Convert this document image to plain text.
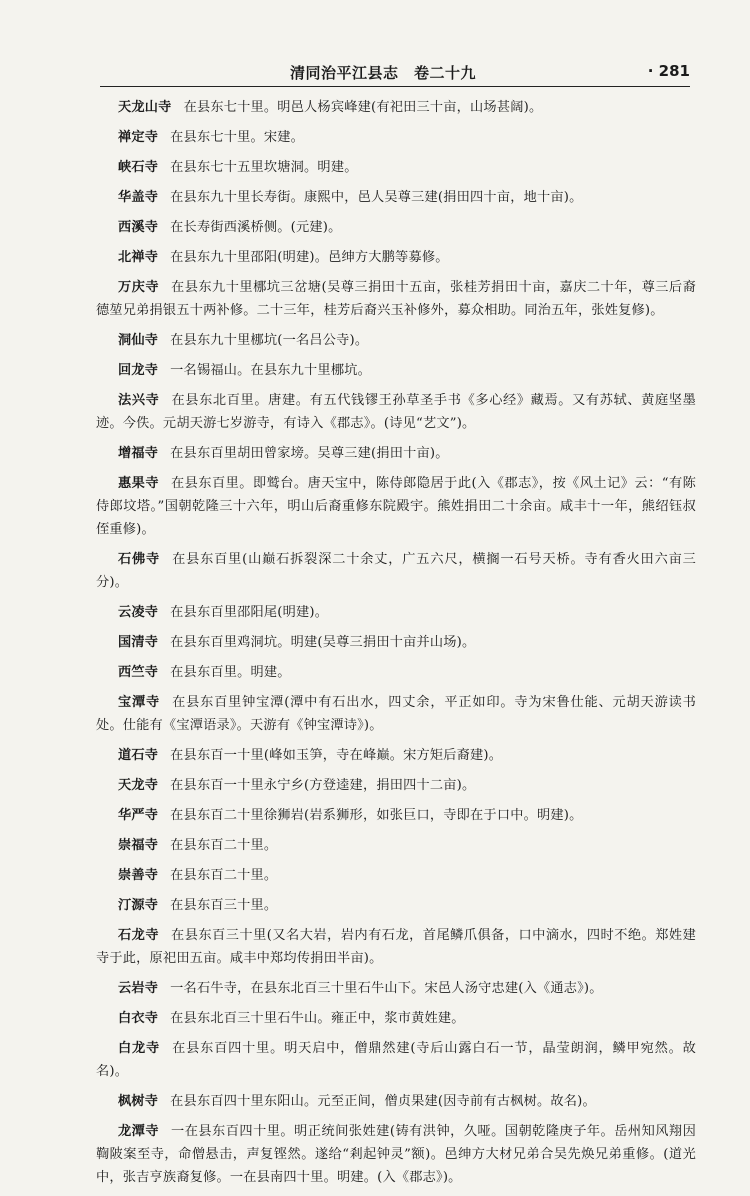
清同治平江县志　卷二十九	· 281

天龙山寺 在县东七十里。明邑人杨宾峰建(有祀田三十亩，山场甚阔)。

禅定寺 在县东七十里。宋建。

峡石寺 在县东七十五里坎塘洞。明建。

华盖寺 在县东九十里长寿街。康熙中，邑人吴尊三建(捐田四十亩，地十亩)。

西溪寺 在长寿街西溪桥侧。(元建)。

北禅寺 在县东九十里邵阳(明建)。邑绅方大鹏等募修。

万庆寺 在县东九十里梛坑三岔塘(吴尊三捐田十五亩，张桂芳捐田十亩，嘉庆二十年，尊三后裔德堃兄弟捐银五十两补修。二十三年，桂芳后裔兴玉补修外，募众相助。同治五年，张姓复修)。

洞仙寺 在县东九十里梛坑(一名吕公寺)。

回龙寺 一名锡福山。在县东九十里梛坑。

法兴寺 在县东北百里。唐建。有五代钱镠王孙草圣手书《多心经》藏焉。又有苏轼、黄庭坚墨迹。今佚。元胡天游七岁游寺，有诗入《郡志》。(诗见“艺文”)。

增福寺 在县东百里胡田曾家塝。吴尊三建(捐田十亩)。

惠果寺 在县东百里。即鹫台。唐天宝中，陈侍郎隐居于此(入《郡志》，按《风土记》云：“有陈侍郎坟塔。”国朝乾隆三十六年，明山后裔重修东院殿宇。熊姓捐田二十余亩。咸丰十一年，熊绍钰叔侄重修)。

石佛寺 在县东百里(山巅石拆裂深二十余丈，广五六尺，横搁一石号天桥。寺有香火田六亩三分)。

云凌寺 在县东百里邵阳尾(明建)。

国清寺 在县东百里鸡洞坑。明建(吴尊三捐田十亩并山场)。

西竺寺 在县东百里。明建。

宝潭寺 在县东百里钟宝潭(潭中有石出水，四丈余，平正如印。寺为宋鲁仕能、元胡天游读书处。仕能有《宝潭语录》。天游有《钟宝潭诗》)。

道石寺 在县东百一十里(峰如玉笋，寺在峰巅。宋方矩后裔建)。

天龙寺 在县东百一十里永宁乡(方登逵建，捐田四十二亩)。

华严寺 在县东百二十里徐狮岩(岩系狮形，如张巨口，寺即在于口中。明建)。

崇福寺 在县东百二十里。

崇善寺 在县东百二十里。

汀源寺 在县东百三十里。

石龙寺 在县东百三十里(又名大岩，岩内有石龙，首尾鳞爪俱备，口中滴水，四时不绝。郑姓建寺于此，原祀田五亩。咸丰中郑均传捐田半亩)。

云岩寺 一名石牛寺，在县东北百三十里石牛山下。宋邑人汤守忠建(入《通志》)。

白衣寺 在县东北百三十里石牛山。雍正中，浆市黄姓建。

白龙寺 在县东百四十里。明天启中，僧鼎然建(寺后山露白石一节，晶莹朗润，鳞甲宛然。故名)。

枫树寺 在县东百四十里东阳山。元至正间，僧贞果建(因寺前有古枫树。故名)。

龙潭寺 一在县东百四十里。明正统间张姓建(铸有洪钟，久哑。国朝乾隆庚子年。岳州知风翔因鞫陂案至寺，命僧悬击，声复铿然。遂给“剎起钟灵”额)。邑绅方大材兄弟合吴先焕兄弟重修。(道光中，张吉亨族裔复修。一在县南四十里。明建。(入《郡志》)。
